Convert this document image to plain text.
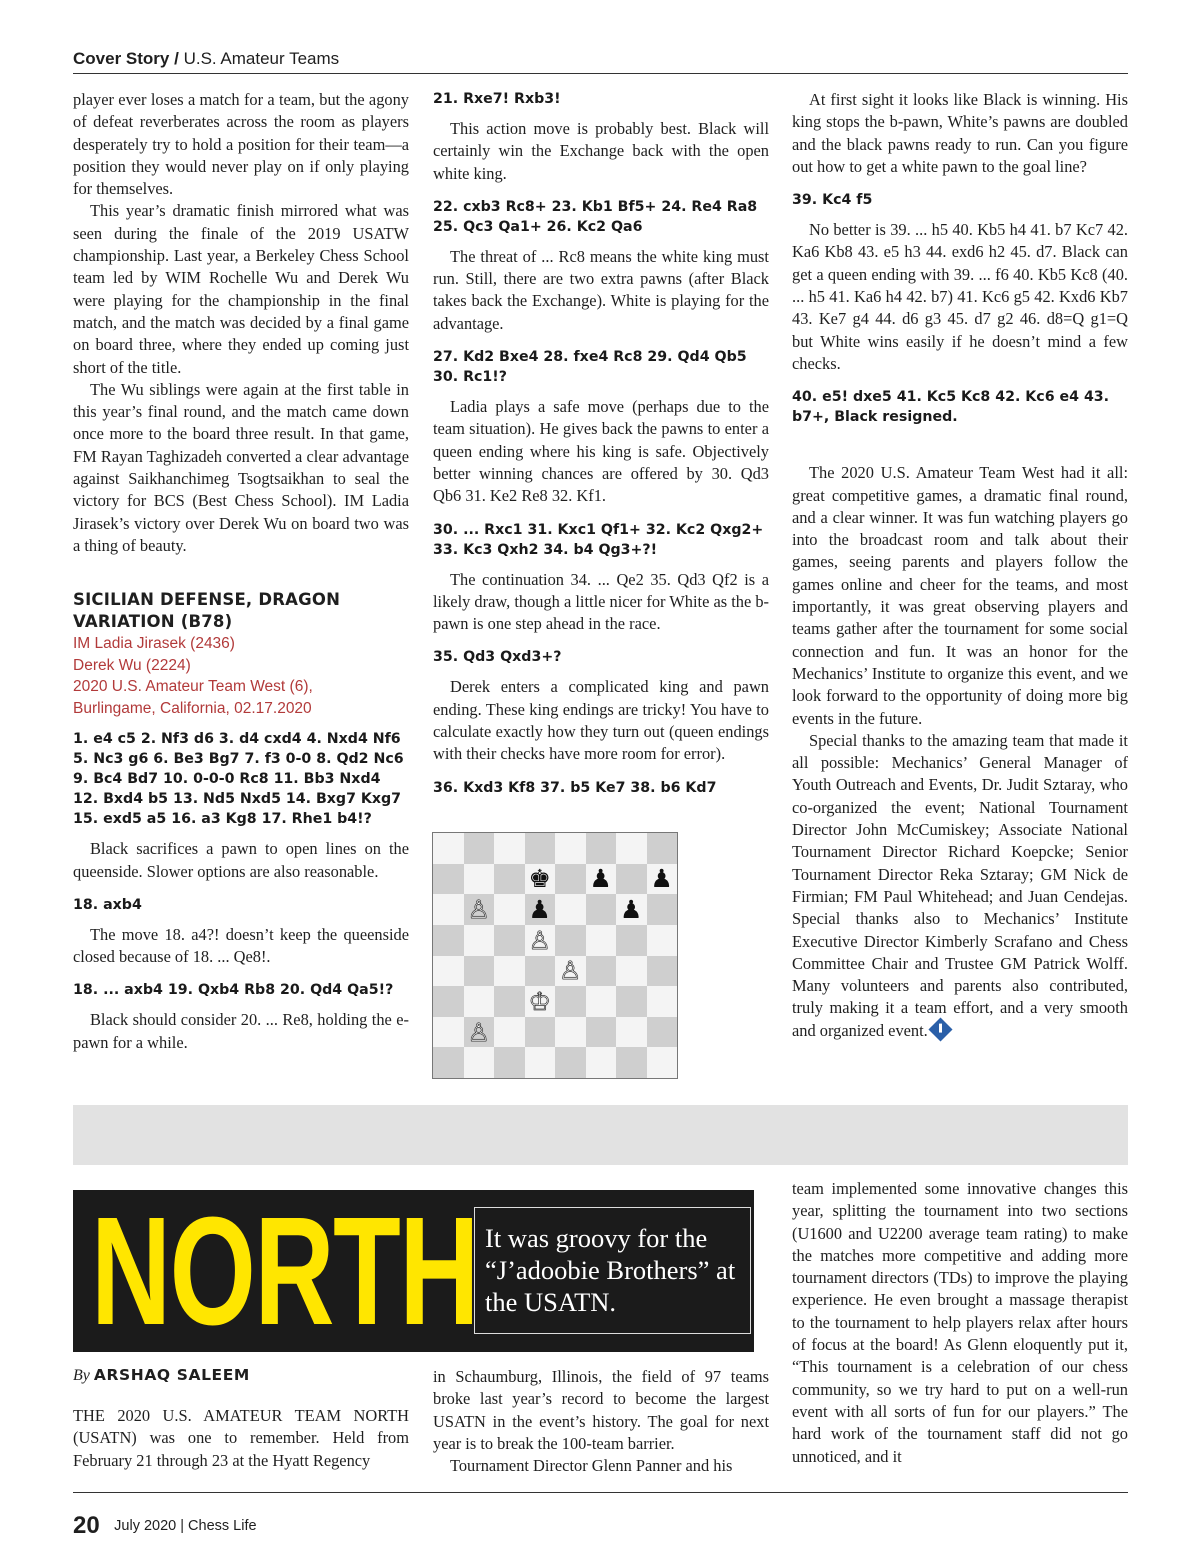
Cover Story / U.S. Amateur Teams

player ever loses a match for a team, but the agony of defeat reverberates across the room as players desperately try to hold a position for their team—a position they would never play on if only playing for themselves.

This year’s dramatic finish mirrored what was seen during the finale of the 2019 USATW championship. Last year, a Berkeley Chess School team led by WIM Rochelle Wu and Derek Wu were playing for the championship in the final match, and the match was decided by a final game on board three, where they ended up coming just short of the title.

The Wu siblings were again at the first table in this year’s final round, and the match came down once more to the board three result. In that game, FM Rayan Taghizadeh converted a clear advantage against Saikhanchimeg Tsogtsaikhan to seal the victory for BCS (Best Chess School). IM Ladia Jirasek’s victory over Derek Wu on board two was a thing of beauty.

SICILIAN DEFENSE, DRAGON VARIATION (B78)
IM Ladia Jirasek (2436)
Derek Wu (2224)
2020 U.S. Amateur Team West (6),
Burlingame, California, 02.17.2020
1. e4 c5 2. Nf3 d6 3. d4 cxd4 4. Nxd4 Nf6 5. Nc3 g6 6. Be3 Bg7 7. f3 0-0 8. Qd2 Nc6 9. Bc4 Bd7 10. 0-0-0 Rc8 11. Bb3 Nxd4 12. Bxd4 b5 13. Nd5 Nxd5 14. Bxg7 Kxg7 15. exd5 a5 16. a3 Kg8 17. Rhe1 b4!?

Black sacrifices a pawn to open lines on the queenside. Slower options are also reasonable.

18. axb4

The move 18. a4?! doesn’t keep the queenside closed because of 18. ... Qe8!.

18. ... axb4 19. Qxb4 Rb8 20. Qd4 Qa5!?

Black should consider 20. ... Re8, holding the e-pawn for a while.

21. Rxe7! Rxb3!

This action move is probably best. Black will certainly win the Exchange back with the open white king.

22. cxb3 Rc8+ 23. Kb1 Bf5+ 24. Re4 Ra8 25. Qc3 Qa1+ 26. Kc2 Qa6

The threat of ... Rc8 means the white king must run. Still, there are two extra pawns (after Black takes back the Exchange). White is playing for the advantage.

27. Kd2 Bxe4 28. fxe4 Rc8 29. Qd4 Qb5 30. Rc1!?

Ladia plays a safe move (perhaps due to the team situation). He gives back the pawns to enter a queen ending where his king is safe. Objectively better winning chances are offered by 30. Qd3 Qb6 31. Ke2 Re8 32. Kf1.

30. ... Rxc1 31. Kxc1 Qf1+ 32. Kc2 Qxg2+ 33. Kc3 Qxh2 34. b4 Qg3+?!

The continuation 34. ... Qe2 35. Qd3 Qf2 is a likely draw, though a little nicer for White as the b-pawn is one step ahead in the race.

35. Qd3 Qxd3+?

Derek enters a complicated king and pawn ending. These king endings are tricky! You have to calculate exactly how they turn out (queen endings with their checks have more room for error).

36. Kxd3 Kf8 37. b5 Ke7 38. b6 Kd7
♚ ♟ ♟
♙ ♟	♟
♙
♙
♔
♙

At first sight it looks like Black is winning. His king stops the b-pawn, White’s pawns are doubled and the black pawns ready to run. Can you figure out how to get a white pawn to the goal line?

39. Kc4 f5

No better is 39. ... h5 40. Kb5 h4 41. b7 Kc7 42. Ka6 Kb8 43. e5 h3 44. exd6 h2 45. d7. Black can get a queen ending with 39. ... f6 40. Kb5 Kc8 (40. ... h5 41. Ka6 h4 42. b7) 41. Kc6 g5 42. Kxd6 Kb7 43. Ke7 g4 44. d6 g3 45. d7 g2 46. d8=Q g1=Q but White wins easily if he doesn’t mind a few checks.

40. e5! dxe5 41. Kc5 Kc8 42. Kc6 e4 43. b7+, Black resigned.

The 2020 U.S. Amateur Team West had it all: great competitive games, a dramatic final round, and a clear winner. It was fun watching players go into the broadcast room and talk about their games, seeing parents and players follow the games online and cheer for the teams, and most importantly, it was great observing players and teams gather after the tournament for some social connection and fun. It was an honor for the Mechanics’ Institute to organize this event, and we look forward to the opportunity of doing more big events in the future.

Special thanks to the amazing team that made it all possible: Mechanics’ General Manager of Youth Outreach and Events, Dr. Judit Sztaray, who co-organized the event; National Tournament Director John McCumiskey; Associate National Tournament Director Richard Koepcke; Senior Tournament Director Reka Sztaray; GM Nick de Firmian; FM Paul Whitehead; and Juan Cendejas. Special thanks also to Mechanics’ Institute Executive Director Kimberly Scrafano and Chess Committee Chair and Trustee GM Patrick Wolff. Many volunteers and parents also contributed, truly making it a team effort, and a very smooth and organized event.

NORTH It was groovy for the “J’adoobie Brothers” at the USATN.
By ARSHAQ SALEEM

THE 2020 U.S. AMATEUR TEAM NORTH (USATN) was one to remember. Held from February 21 through 23 at the Hyatt Regency

in Schaumburg, Illinois, the field of 97 teams broke last year’s record to become the largest USATN in the event’s history. The goal for next year is to break the 100-team barrier.

Tournament Director Glenn Panner and his

team implemented some innovative changes this year, splitting the tournament into two sections (U1600 and U2200 average team rating) to make the matches more competitive and adding more tournament directors (TDs) to improve the playing experience. He even brought a massage therapist to the tournament to help players relax after hours of focus at the board! As Glenn eloquently put it, “This tournament is a celebration of our chess community, so we try hard to put on a well-run event with all sorts of fun for our players.” The hard work of the tournament staff did not go unnoticed, and it

20 July 2020 | Chess Life
